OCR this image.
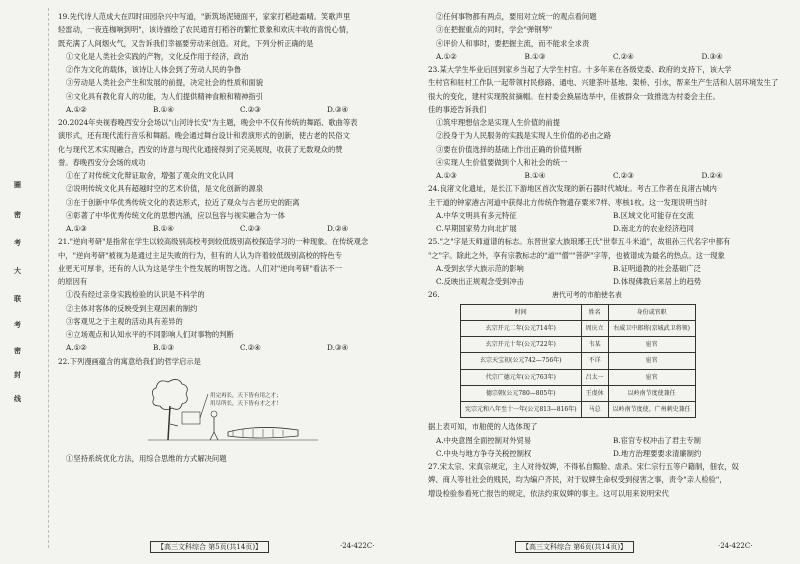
圈
密
考
大
联
考
密
封
线
19.先代诗人范成大在四时田园杂兴中写道，"新筑场泥镜面平，家家打稻趁霜晴。笑歌声里
轻雷动，一夜连枷响到明"，该诗描绘了农民通宵打稻谷的繁忙景象和欢庆丰收的喜悦心情，
既充满了人间烟火气，又告诉我们幸福要劳动来创造。对此，下列分析正确的是
①文化是人类社会实践的产物，文化反作用于经济，政治
②作为文化的载体，该诗让人体会到了劳动人民的争鲁
③劳动是人类社会产生和发展的前提，决定社会的性质和面貌
④文化具有教化育人的功能，为人们提供精神食粮和精神指引
A.①②	B.①④	C.②③	D.③④
20.2024年央视春晚西安分会场以"山河诗长安"为主题，晚会中不仅有传统的舞蹈、歌曲等表
演形式，还有现代流行音乐和舞蹈。晚会通过舞台设计和表演形式的创新，使古老的民俗文
化与现代艺术实现融合，西安的诗意与现代化通接得到了完美展现，收获了无数观众的赞
誉。春晚西安分会场的成功
①在了对传统文化辩证取舍，增强了观众的文化认同
②说明传统文化具有超越时空的艺术价值，是文化创新的源泉
③在于创新中华优秀传统文化的表达形式，拉近了观众与古老历史的距离
④彰著了中华优秀传统文化的思想内涵，应以包容与视实融合为一体
A.①③	B.①④	C.②③	D.②④
21."逆向考研"是指常在学生以较高级别高校考到较低级别高校探造学习的一种现象。在传统观念
中，"逆向考研"被视为是通过主足失败的行为，但有的人认为许着较低级别高校的特色专
业更无可厚非，还有的人认为这是学生个性发展的明智之选。人们对"逆向考研"看法不一
的原因有
①没有经过亲身实践检验的认识是不科学的
②主体对客体的反映受到主观因素的制约
③客观见之于主观的活动具有差异的
④立场观点和认知水平的不同影响人们对事物的判断
A.①②	B.①③	C.②④	D.③④
22.下列漫画蕴含的寓意给我们的哲学启示是
用完再长，天下皆有用之才；
用尽所长，天下皆有才之才！
①坚持系统优化方法，用综合思维的方式解决问题
【高三文科综合 第5页(共14页)】	·24-422C·
②任何事物都有两点，要用对立统一的观点看问题
③在把握重点的同时，学会"弹钢琴"
④评价人和事时，要把握主流，而不能求全求责
A.①②	B.①③	C.②④	D.③④
23.某大学生毕业后回到家乡当起了大学生村官。十多年来在各级党委、政府的支持下，该大学
生村官和驻村工作队一起带领村民修路、通电、兴建茶叶基地、架桥、引水，帮来生产生活和人居环境发生了
很大的变化，建村实现脱贫摘帽。在村委会换届选举中，佳被群众一致推选为村委会主任。
佳的事迹告诉我们
①筑牢理想信念是实现人生价值的前提
②投身于为人民服务的实践是实现人生价值的必由之路
③要在价值选择的基础上作出正确的价值判断
④实现人生价值要做到个人和社会的统一
A.①③	B.①④	C.②③	D.②④
24.良渚文化遗址，是长江下游地区首次发现的新石器时代城址。考古工作者在良渚古城内
主干道的钟家港古河道中获得北方传统作物遗存粟米7样、枣核1枚。这一发现说明当时
A.中华文明具有多元特征	B.区域文化可能存在交流
C.早期国家势力向北扩展	D.南北方的农业经济趋同
25."之"字是天师道谱的标志。东晋世家大族琅琊王氏"世奉五斗米道"，故祖孙三代名字中都有
"之"字。除此之外，享有宗教标志的"道""僧""菩萨"字等，也被谱成为最名的热点。这一现象
A.受到玄学大族示范的影响	B.证明道教的社会基础广泛
C.反映出正规观念受到冲击	D.体现佛教后来居上的趋势
26.	唐代可考的市舶使名表
时间	姓名	身份或官职
玄宗开元二年(公元714年)	周庆立	右威卫中郎将(京城武卫将领)
玄宗开元十年(公元722年)	韦某	宦官
玄宗天宝初(公元742—756年)	不详	宦官
代宗广德元年(公元763年)	吕太一	宦官
德宗朝(公元780—805年)	王虔休	以岭南节度使兼任
宪宗元和八年至十一年(公元813—816年)	马总	以岭南节度使、广州刺史兼任
据上表可知，市舶使的人选体现了
A.中央意图全面控制对外贸易	B.宦官专权冲击了君主专制
C.中央与地方争夺关税控制权	D.地方治理要要求清廉制约
27.宋太宗、宋真宗规定，主人对待奴婢，不得私自黥脸、虐杀。宋仁宗行五等户籍制，佃农，奴
婢、商人等社社会的贱民，均为编户齐民，对于奴婢生命权受到侵害之事，责令"亲人检验"，
增设检验参看死亡报告的规定，依法约束奴婢的事主。这可以用来说明宋代
【高三文科综合 第6页(共14页)】	·24-422C·
